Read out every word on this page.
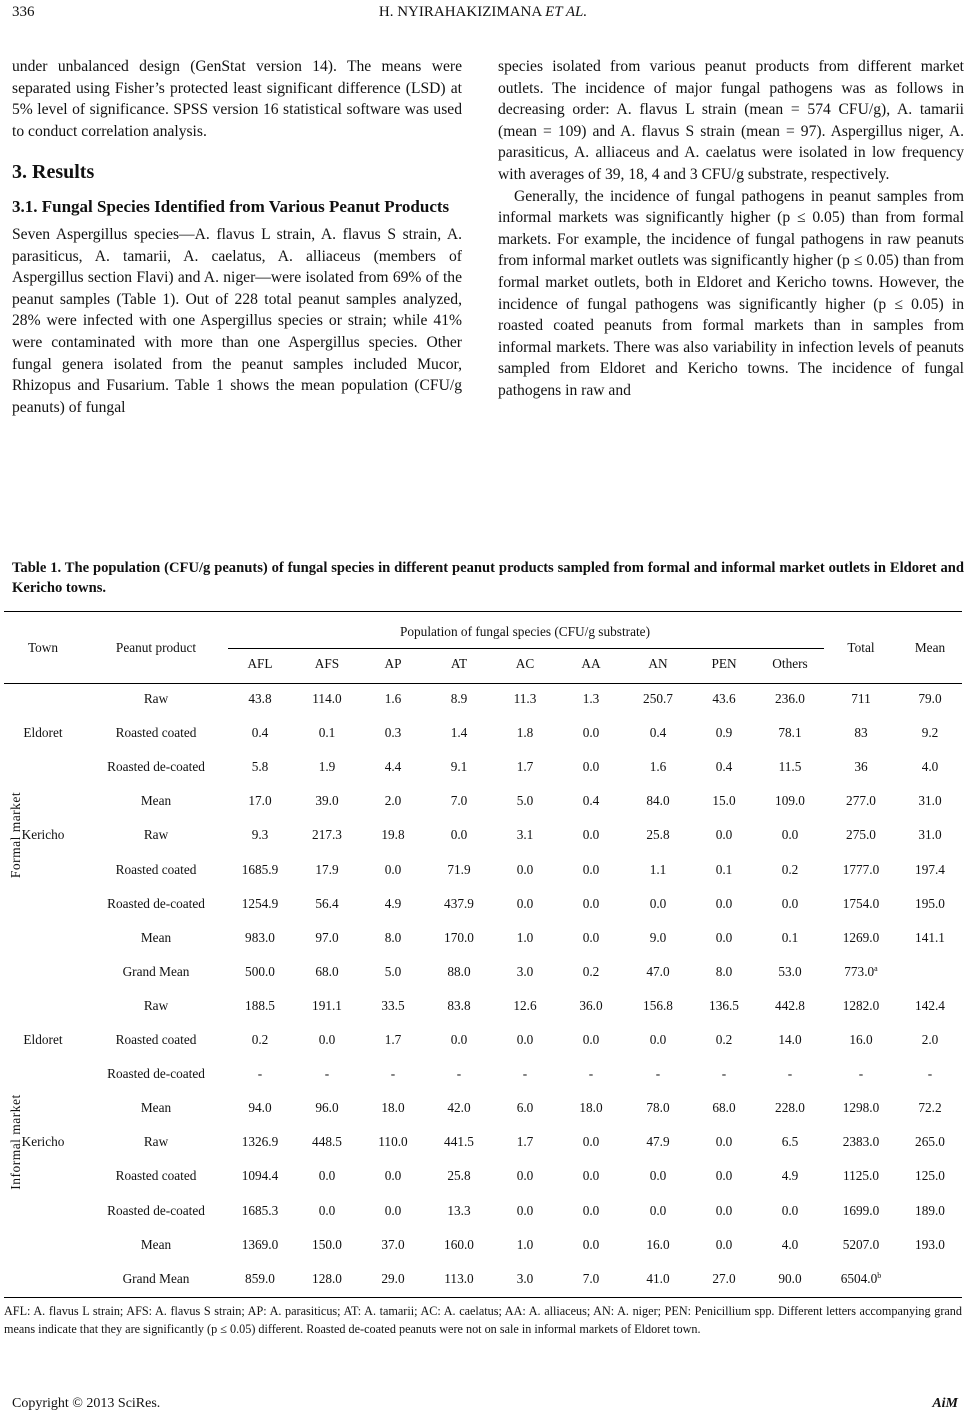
336	H. NYIRAHAKIZIMANA ET AL.

under unbalanced design (GenStat version 14). The means were separated using Fisher’s protected least significant difference (LSD) at 5% level of significance. SPSS version 16 statistical software was used to conduct correlation analysis.

3. Results
3.1. Fungal Species Identified from Various Peanut Products

Seven Aspergillus species—A. flavus L strain, A. flavus S strain, A. parasiticus, A. tamarii, A. caelatus, A. alliaceus (members of Aspergillus section Flavi) and A. niger—were isolated from 69% of the peanut samples (Table 1). Out of 228 total peanut samples analyzed, 28% were infected with one Aspergillus species or strain; while 41% were contaminated with more than one Aspergillus species. Other fungal genera isolated from the peanut samples included Mucor, Rhizopus and Fusarium. Table 1 shows the mean population (CFU/g peanuts) of fungal

species isolated from various peanut products from different market outlets. The incidence of major fungal pathogens was as follows in decreasing order: A. flavus L strain (mean = 574 CFU/g), A. tamarii (mean = 109) and A. flavus S strain (mean = 97). Aspergillus niger, A. parasiticus, A. alliaceus and A. caelatus were isolated in low frequency with averages of 39, 18, 4 and 3 CFU/g substrate, respectively.

Generally, the incidence of fungal pathogens in peanut samples from informal markets was significantly higher (p ≤ 0.05) than from formal markets. For example, the incidence of fungal pathogens in raw peanuts from informal market outlets was significantly higher (p ≤ 0.05) than from formal market outlets, both in Eldoret and Kericho towns. However, the incidence of fungal pathogens was significantly higher (p ≤ 0.05) in roasted coated peanuts from formal markets than in samples from informal markets. There was also variability in infection levels of peanuts sampled from Eldoret and Kericho towns. The incidence of fungal pathogens in raw and

Table 1. The population (CFU/g peanuts) of fungal species in different peanut products sampled from formal and informal market outlets in Eldoret and Kericho towns.
Town	Peanut product
Population of fungal species (CFU/g substrate)
Total	Mean
AFL	AFS	AP	AT	AC	AA	AN	PEN	Others
Formal market
Raw	43.8	114.0	1.6	8.9	11.3	1.3	250.7	43.6	236.0	711	79.0
Eldoret	Roasted coated	0.4	0.1	0.3	1.4	1.8	0.0	0.4	0.9	78.1	83	9.2
Roasted de-coated	5.8	1.9	4.4	9.1	1.7	0.0	1.6	0.4	11.5	36	4.0
Mean	17.0	39.0	2.0	7.0	5.0	0.4	84.0	15.0	109.0	277.0	31.0
Kericho	Raw	9.3	217.3	19.8	0.0	3.1	0.0	25.8	0.0	0.0	275.0	31.0
Roasted coated	1685.9	17.9	0.0	71.9	0.0	0.0	1.1	0.1	0.2	1777.0	197.4
Roasted de-coated	1254.9	56.4	4.9	437.9	0.0	0.0	0.0	0.0	0.0	1754.0	195.0
Mean	983.0	97.0	8.0	170.0	1.0	0.0	9.0	0.0	0.1	1269.0	141.1
Grand Mean	500.0	68.0	5.0	88.0	3.0	0.2	47.0	8.0	53.0	773.0$^a$
Informal market
Raw	188.5	191.1	33.5	83.8	12.6	36.0	156.8	136.5	442.8	1282.0	142.4
Eldoret	Roasted coated	0.2	0.0	1.7	0.0	0.0	0.0	0.0	0.2	14.0	16.0	2.0
Roasted de-coated	-	-	-	-	-	-	-	-	-	-	-
Mean	94.0	96.0	18.0	42.0	6.0	18.0	78.0	68.0	228.0	1298.0	72.2
Kericho	Raw	1326.9	448.5	110.0	441.5	1.7	0.0	47.9	0.0	6.5	2383.0	265.0
Roasted coated	1094.4	0.0	0.0	25.8	0.0	0.0	0.0	0.0	4.9	1125.0	125.0
Roasted de-coated	1685.3	0.0	0.0	13.3	0.0	0.0	0.0	0.0	0.0	1699.0	189.0
Mean	1369.0	150.0	37.0	160.0	1.0	0.0	16.0	0.0	4.0	5207.0	193.0
Grand Mean	859.0	128.0	29.0	113.0	3.0	7.0	41.0	27.0	90.0	6504.0$^b$
AFL: A. flavus L strain; AFS: A. flavus S strain; AP: A. parasiticus; AT: A. tamarii; AC: A. caelatus; AA: A. alliaceus; AN: A. niger; PEN: Penicillium spp. Different letters accompanying grand means indicate that they are significantly (p ≤ 0.05) different. Roasted de-coated peanuts were not on sale in informal markets of Eldoret town.
Copyright © 2013 SciRes.	AiM
